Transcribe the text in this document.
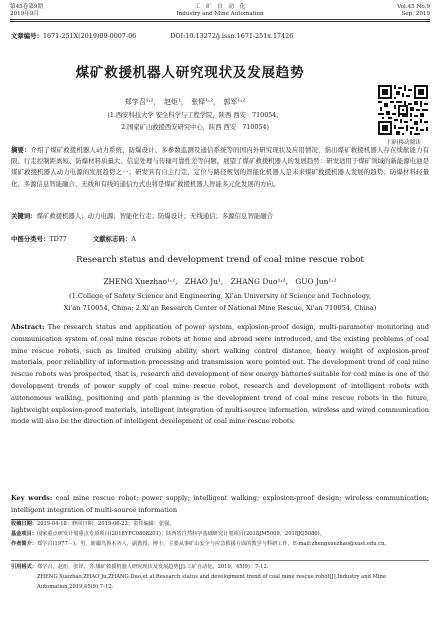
第45卷第9期
2019年9月
工　矿　自　动　化
Industry and Mine Automation
Vol.45 No.9
Sep. 2019
文章编号：1671-251X(2019)09-0007-06	DOI:10.13272/j.issn.1671-251x.17426
煤矿救援机器人研究现状及发展趋势
郑学召¹˒²，　赵炬¹，　张铎¹˒²，　郭军¹˒²
(1.西安科技大学 安全科学与工程学院，陕西 西安　710054；
2.国家矿山救援西安研究中心，陕西 西安　710054)
扫码移动阅读
摘要：介绍了煤矿救援机器人动力系统、防爆设计、多参数监测及通信系统等的国内外研究现状及应用情况，指出煤矿救援机器人存在续航能力有限、行走控制距离短、防爆材料质量大、信息处理与传输可靠性差等问题。展望了煤矿救援机器人的发展趋势：研发适用于煤矿领域的新能源电池是煤矿救援机器人动力电源的发展趋势之一；研发具有自主行走、定位与路径规划的智能化机器人是未来煤矿救援机器人发展的趋势；防爆材料轻量化、多源信息智能融合、无线和有线的通信方式也将是煤矿救援机器人智能多元化发展的方向。
关键词：煤矿救援机器人；动力电源；智能化行走；防爆设计；无线通信；多源信息智能融合
中图分类号：TD77	文献标志码：A
Research status and development trend of coal mine rescue robot
ZHENG Xuezhao¹˒²,　ZHAO Ju¹,　ZHANG Duo¹˒²,　GUO Jun¹˒²
(1.College of Safety Science and Engineering, Xi'an University of Science and Technology,
Xi'an 710054, China; 2.Xi'an Research Center of National Mine Rescue, Xi'an 710054, China)
Abstract: The research status and application of power system, explosion-proof design, multi-parameter monitoring and communication system of coal mine rescue robots at home and abroad were introduced, and the existing problems of coal mine rescue robots, such as limited cruising ability, short walking control distance, heavy weight of explosion-proof materials, poor reliability of information processing and transmission were pointed out. The development trend of coal mine rescue robots was prospected, that is, research and development of new energy batteries suitable for coal mine is one of the development trends of power supply of coal mine rescue robot, research and development of intelligent robots with autonomous walking, positioning and path planning is the development trend of coal mine rescue robots in the future, lightweight explosion-proof materials, intelligent integration of multi-source information, wireless and wired communication mode will also be the direction of intelligent development of coal mine rescue robots.
Key words: coal mine rescue robot; power supply; intelligent walking; explosion-proof design; wireless communication; intelligent integration of multi-source information
收稿日期：2019-04-18；修回日期：2019-06-22；责任编辑：张强。
基金项目：国家重点研发计划重点专项项目(2018YFC0808201)；陕西省自然科学基础研究计划项目(2018JM5009，2018JQ5080)。
作者简介：郑学召(1977－)，男，新疆鸟鲁木齐人，副教授，博士，主要从事矿山安全与应急救援方面的教学与科研工作，E-mail:zhengxuezhao@xust.edu.cn。
引用格式：郑学召，赵炬，张铎，等.煤矿救援机器人研究现状及发展趋势[J].工矿自动化，2019，45(9)：7-12.
ZHENG Xuezhao,ZHAO Ju,ZHANG Duo,et al.Research status and development trend of coal mine rescue robot[J].Industry and Mine Automation,2019,45(9):7-12.
